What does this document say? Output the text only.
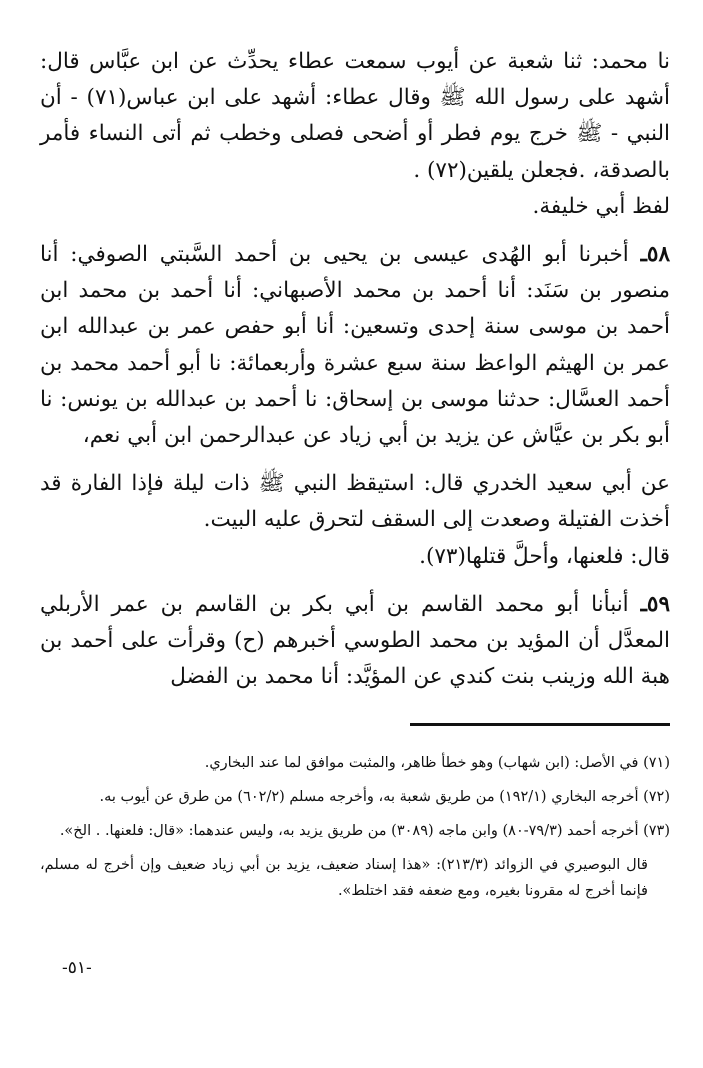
نا محمد: ثنا شعبة عن أيوب سمعت عطاء يحدِّث عن ابن عبَّاس قال: أشهد على رسول الله ﷺ وقال عطاء: أشهد على ابن عباس(٧١) - أن النبي - ﷺ خرج يوم فطر أو أضحى فصلى وخطب ثم أتى النساء فأمر بالصدقة، .فجعلن يلقين(٧٢) .

لفظ أبي خليفة.

٥٨ـ أخبرنا أبو الهُدى عيسى بن يحيى بن أحمد السَّبتي الصوفي: أنا منصور بن سَنَد: أنا أحمد بن محمد الأصبهاني: أنا أحمد بن محمد ابن أحمد بن موسى سنة إحدى وتسعين: أنا أبو حفص عمر بن عبدالله ابن عمر بن الهيثم الواعظ سنة سبع عشرة وأربعمائة: نا أبو أحمد محمد بن أحمد العسَّال: حدثنا موسى بن إسحاق: نا أحمد بن عبدالله بن يونس: نا أبو بكر بن عيَّاش عن يزيد بن أبي زياد عن عبدالرحمن ابن أبي نعم،

عن أبي سعيد الخدري قال: استيقظ النبي ﷺ ذات ليلة فإذا الفارة قد أخذت الفتيلة وصعدت إلى السقف لتحرق عليه البيت.

قال: فلعنها، وأحلَّ قتلها(٧٣).

٥٩ـ أنبأنا أبو محمد القاسم بن أبي بكر بن القاسم بن عمر الأربلي المعدَّل أن المؤيد بن محمد الطوسي أخبرهم (ح) وقرأت على أحمد بن هبة الله وزينب بنت كندي عن المؤيَّد: أنا محمد بن الفضل

(٧١) في الأصل: (ابن شهاب) وهو خطأ ظاهر، والمثبت موافق لما عند البخاري.

(٧٢) أخرجه البخاري (١٩٢/١) من طريق شعبة به، وأخرجه مسلم (٦٠٢/٢) من طرق عن أيوب به.

(٧٣) أخرجه أحمد (٧٩/٣-٨٠) وابن ماجه (٣٠٨٩) من طريق يزيد به، وليس عندهما: «قال: فلعنها. . الخ».

قال البوصيري في الزوائد (٢١٣/٣): «هذا إسناد ضعيف، يزيد بن أبي زياد ضعيف وإن أخرج له مسلم، فإنما أخرج له مقرونا بغيره، ومع ضعفه فقد اختلط».

-٥١-
